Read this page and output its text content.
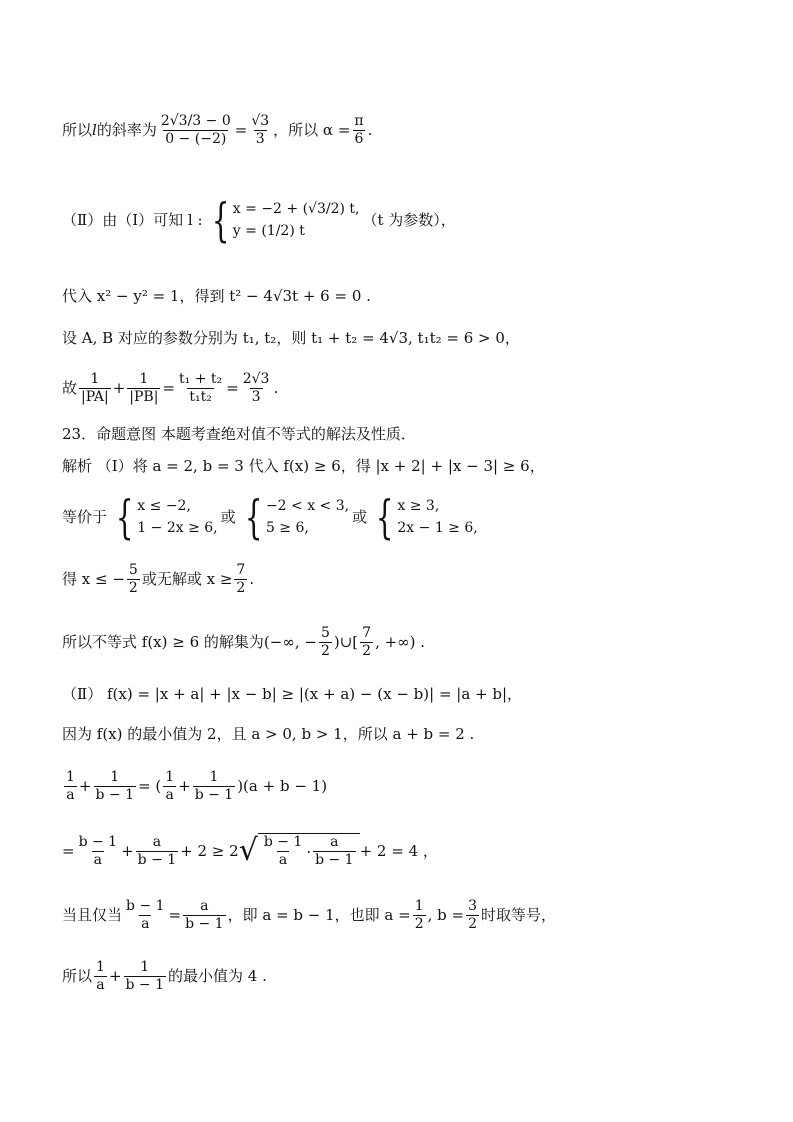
所以 l 的斜率为 $\frac{2√3/3 - 0}{0 - (-2)} = \frac{√3}{3}$ ，所以 $\alpha = \frac{\pi}{6}$ .
（Ⅱ）由（Ⅰ）可知 l : { x = −2 + (√3/2) t,
y = (1/2) t
（t 为参数），
代入 x² − y² = 1，得到 t² − 4√3t + 6 = 0 .
设 A, B 对应的参数分别为 t₁, t₂，则 t₁ + t₂ = 4√3, t₁t₂ = 6 > 0，
故 $\frac{1}{|PA|} + \frac{1}{|PB|} = \frac{\text{t₁ + t₂}}{\text{t₁t₂}} = \frac{2√3}{3}$ .
23．命题意图 本题考查绝对值不等式的解法及性质．
解析 （Ⅰ）将 a = 2, b = 3 代入 f(x) ≥ 6，得 |x + 2| + |x − 3| ≥ 6，
等价于 { x ≤ −2,
1 − 2x ≥ 6,
或 { −2 < x < 3,
5 ≥ 6,
或 { x ≥ 3,
2x − 1 ≥ 6,
得 x ≤ − $\frac{5}{2}$ 或无解或 $x \ge \frac{7}{2}$ .
所以不等式 f(x) ≥ 6 的解集为 (−∞, − $\frac{5}{2}$ )∪[ $\frac{7}{2}$ , +∞) .
（Ⅱ） f(x) = |x + a| + |x − b| ≥ |(x + a) − (x − b)| = |a + b|，
因为 f(x) 的最小值为 2，且 a > 0, b > 1，所以 a + b = 2 .
$\frac{1}{a} + \frac{1}{b - 1}$ = ( $\frac{1}{a} + \frac{1}{b - 1} )(a + b - 1)$
= $\frac{b - 1}{a} + \frac{a}{b - 1} + 2 \ge 2$ √ $\frac{b - 1}{a} \cdot \frac{a}{b - 1} + 2 = 4$ ，
当且仅当 $\frac{b - 1}{a} = \frac{a}{b - 1}$ ，即 a = b − 1，也即 $a = \frac{1}{2}$ , $b = \frac{3}{2}$ 时取等号，
所以 $\frac{1}{a} + \frac{1}{b - 1}$ 的最小值为 4 .
